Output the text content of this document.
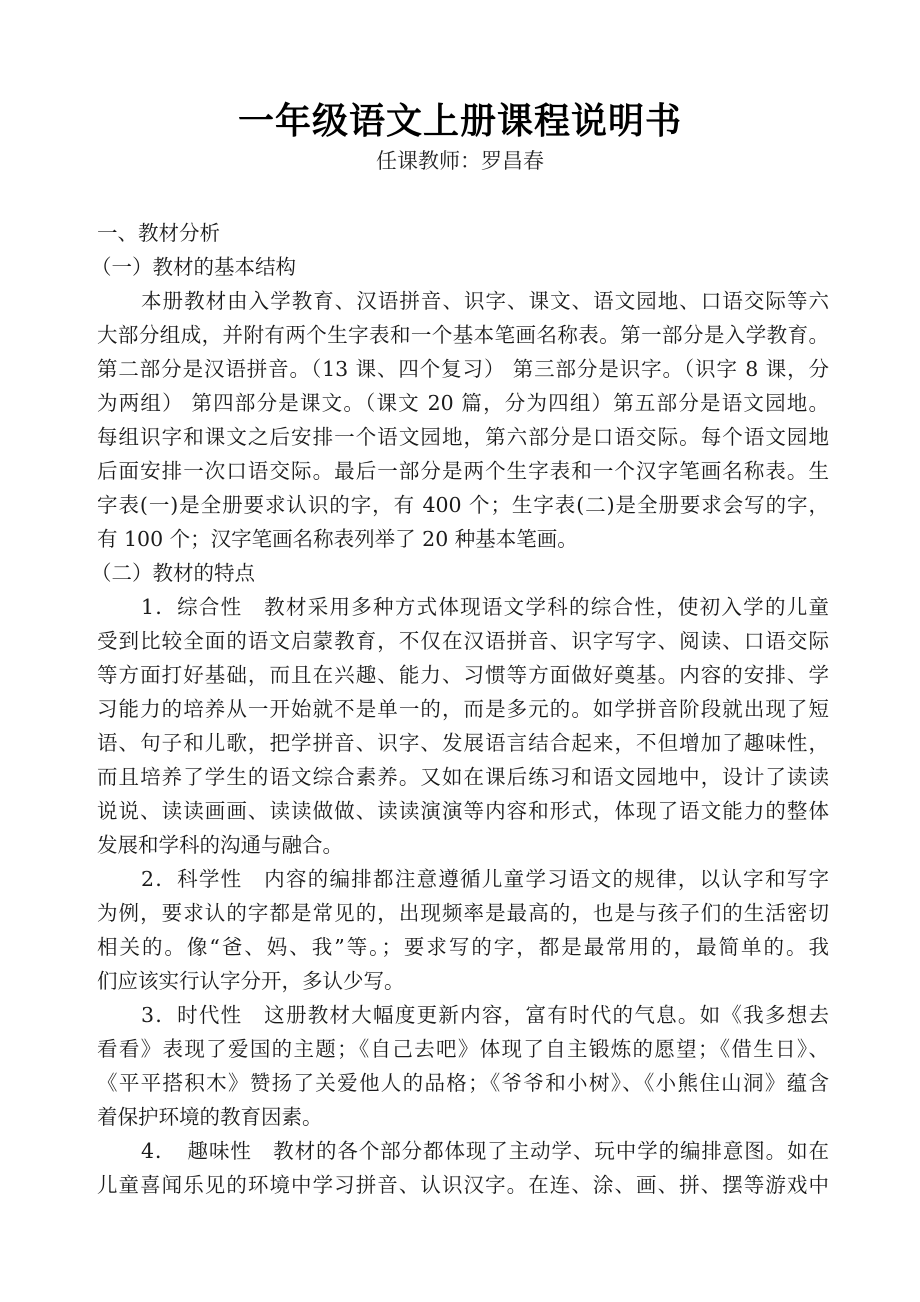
一年级语文上册课程说明书
任课教师：罗昌春
一、教材分析
（一）教材的基本结构
本册教材由入学教育、汉语拼音、识字、课文、语文园地、口语交际等六
大部分组成，并附有两个生字表和一个基本笔画名称表。第一部分是入学教育。
第二部分是汉语拼音。（13 课、四个复习） 第三部分是识字。（识字 8 课，分
为两组） 第四部分是课文。（课文 20 篇，分为四组）第五部分是语文园地。
每组识字和课文之后安排一个语文园地，第六部分是口语交际。每个语文园地
后面安排一次口语交际。最后一部分是两个生字表和一个汉字笔画名称表。生
字表(一)是全册要求认识的字，有 400 个；生字表(二)是全册要求会写的字，
有 100 个；汉字笔画名称表列举了 20 种基本笔画。
（二）教材的特点
1．综合性　教材采用多种方式体现语文学科的综合性，使初入学的儿童
受到比较全面的语文启蒙教育，不仅在汉语拼音、识字写字、阅读、口语交际
等方面打好基础，而且在兴趣、能力、习惯等方面做好奠基。内容的安排、学
习能力的培养从一开始就不是单一的，而是多元的。如学拼音阶段就出现了短
语、句子和儿歌，把学拼音、识字、发展语言结合起来，不但增加了趣味性，
而且培养了学生的语文综合素养。又如在课后练习和语文园地中，设计了读读
说说、读读画画、读读做做、读读演演等内容和形式，体现了语文能力的整体
发展和学科的沟通与融合。
2．科学性　内容的编排都注意遵循儿童学习语文的规律，以认字和写字
为例，要求认的字都是常见的，出现频率是最高的，也是与孩子们的生活密切
相关的。像“爸、妈、我”等。；要求写的字，都是最常用的，最简单的。我
们应该实行认字分开，多认少写。
3．时代性　这册教材大幅度更新内容，富有时代的气息。如《我多想去
看看》表现了爱国的主题；《自己去吧》体现了自主锻炼的愿望；《借生日》、
《平平搭积木》赞扬了关爱他人的品格；《爷爷和小树》、《小熊住山洞》蕴含
着保护环境的教育因素。
4．　趣味性　教材的各个部分都体现了主动学、玩中学的编排意图。如在
儿童喜闻乐见的环境中学习拼音、认识汉字。在连、涂、画、拼、摆等游戏中
